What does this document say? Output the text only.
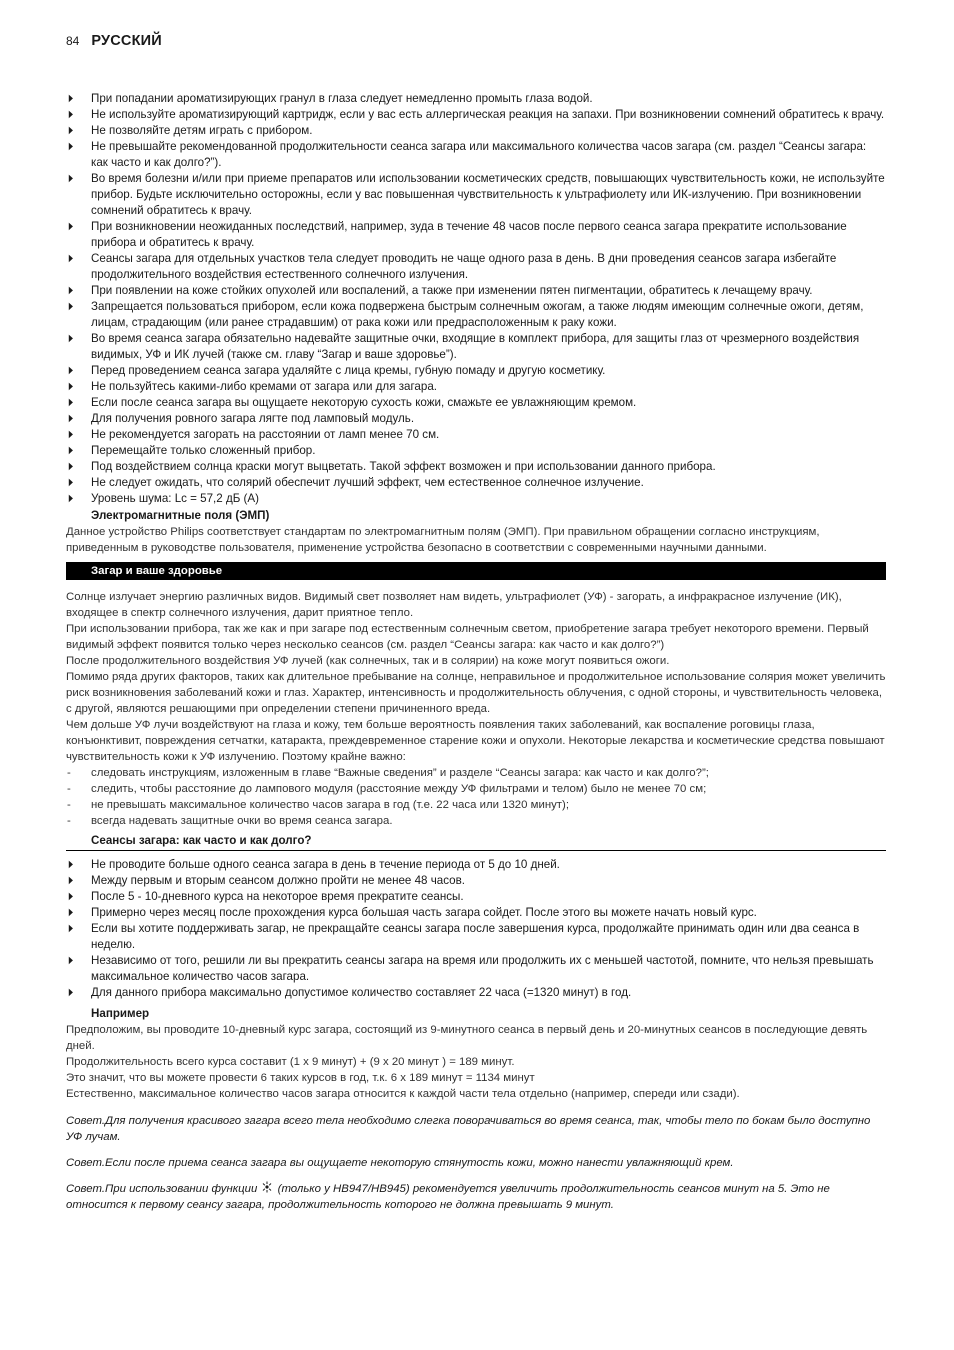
84 РУССКИЙ
▶
При попадании ароматизирующих гранул в глаза следует немедленно промыть глаза водой.
▶
Не используйте ароматизирующий картридж, если у вас есть аллергическая реакция на запахи. При возникновении сомнений обратитесь к врачу.
▶
Не позволяйте детям играть с прибором.
▶
Не превышайте рекомендованной продолжительности сеанса загара или максимального количества часов загара (см. раздел “Сеансы загара: как часто и как долго?”).
▶
Во время болезни и/или при приеме препаратов или использовании косметических средств, повышающих чувствительность кожи, не используйте прибор. Будьте исключительно осторожны, если у вас повышенная чувствительность к ультрафиолету или ИК-излучению. При возникновении сомнений обратитесь к врачу.
▶
При возникновении неожиданных последствий, например, зуда в течение 48 часов после первого сеанса загара прекратите использование прибора и обратитесь к врачу.
▶
Сеансы загара для отдельных участков тела следует проводить не чаще одного раза в день. В дни проведения сеансов загара избегайте продолжительного воздействия естественного солнечного излучения.
▶
При появлении на коже стойких опухолей или воспалений, а также при изменении пятен пигментации, обратитесь к лечащему врачу.
▶
Запрещается пользоваться прибором, если кожа подвержена быстрым солнечным ожогам, а также людям имеющим солнечные ожоги, детям, лицам, страдающим (или ранее страдавшим) от рака кожи или предрасположенным к раку кожи.
▶
Во время сеанса загара обязательно надевайте защитные очки, входящие в комплект прибора, для защиты глаз от чрезмерного воздействия видимых, УФ и ИК лучей (также см. главу “Загар и ваше здоровье”).
▶
Перед проведением сеанса загара удаляйте с лица кремы, губную помаду и другую косметику.
▶
Не пользуйтесь какими-либо кремами от загара или для загара.
▶
Если после сеанса загара вы ощущаете некоторую сухость кожи, смажьте ее увлажняющим кремом.
▶
Для получения ровного загара лягте под ламповый модуль.
▶
Не рекомендуется загорать на расстоянии от ламп менее 70 см.
▶
Перемещайте только сложенный прибор.
▶
Под воздействием солнца краски могут выцветать. Такой эффект возможен и при использовании данного прибора.
▶
Не следует ожидать, что солярий обеспечит лучший эффект, чем естественное солнечное излучение.
▶
Уровень шума: Lc = 57,2 дБ (A)
Электромагнитные поля (ЭМП)
Данное устройство Philips соответствует стандартам по электромагнитным полям (ЭМП). При правильном обращении согласно инструкциям, приведенным в руководстве пользователя, применение устройства безопасно в соответствии с современными научными данными.
Загар и ваше здоровье
Солнце излучает энергию различных видов. Видимый свет позволяет нам видеть, ультрафиолет (УФ) - загорать, а инфракрасное излучение (ИК), входящее в спектр солнечного излучения, дарит приятное тепло.
При использовании прибора, так же как и при загаре под естественным солнечным светом, приобретение загара требует некоторого времени. Первый видимый эффект появится только через несколько сеансов (см. раздел “Сеансы загара: как часто и как долго?”)
После продолжительного воздействия УФ лучей (как солнечных, так и в солярии) на коже могут появиться ожоги.
Помимо ряда других факторов, таких как длительное пребывание на солнце, неправильное и продолжительное использование солярия может увеличить риск возникновения заболеваний кожи и глаз. Характер, интенсивность и продолжительность облучения, с одной стороны, и чувствительность человека, с другой, являются решающими при определении степени причиненного вреда.
Чем дольше УФ лучи воздействуют на глаза и кожу, тем больше вероятность появления таких заболеваний, как воспаление роговицы глаза, конъюнктивит, повреждения сетчатки, катаракта, преждевременное старение кожи и опухоли. Некоторые лекарства и косметические средства повышают чувствительность кожи к УФ излучению. Поэтому крайне важно:
- следовать инструкциям, изложенным в главе “Важные сведения” и разделе “Сеансы загара: как часто и как долго?”;
- следить, чтобы расстояние до лампового модуля (расстояние между УФ фильтрами и телом) было не менее 70 см;
- не превышать максимальное количество часов загара в год (т.е. 22 часа или 1320 минут);
- всегда надевать защитные очки во время сеанса загара.
Сеансы загара: как часто и как долго?
▶
Не проводите больше одного сеанса загара в день в течение периода от 5 до 10 дней.
▶
Между первым и вторым сеансом должно пройти не менее 48 часов.
▶
После 5 - 10-дневного курса на некоторое время прекратите сеансы.
▶
Примерно через месяц после прохождения курса большая часть загара сойдет. После этого вы можете начать новый курс.
▶
Если вы хотите поддерживать загар, не прекращайте сеансы загара после завершения курса, продолжайте принимать один или два сеанса в неделю.
▶
Независимо от того, решили ли вы прекратить сеансы загара на время или продолжить их с меньшей частотой, помните, что нельзя превышать максимальное количество часов загара.
▶
Для данного прибора максимально допустимое количество составляет 22 часа (=1320 минут) в год.
Например
Предположим, вы проводите 10-дневный курс загара, состоящий из 9-минутного сеанса в первый день и 20-минутных сеансов в последующие девять дней.
Продолжительность всего курса составит (1 x 9 минут) + (9 x 20 минут ) = 189 минут.
Это значит, что вы можете провести 6 таких курсов в год, т.к. 6 x 189 минут = 1134 минут
Естественно, максимальное количество часов загара относится к каждой части тела отдельно (например, спереди или сзади).
Совет.Для получения красивого загара всего тела необходимо слегка поворачиваться во время сеанса, так, чтобы тело по бокам было доступно УФ лучам.
Совет.Если после приема сеанса загара вы ощущаете некоторую стянутость кожи, можно нанести увлажняющий крем.
Совет.При использовании функции (только у HB947/HB945) рекомендуется увеличить продолжительность сеансов минут на 5. Это не относится к первому сеансу загара, продолжительность которого не должна превышать 9 минут.
